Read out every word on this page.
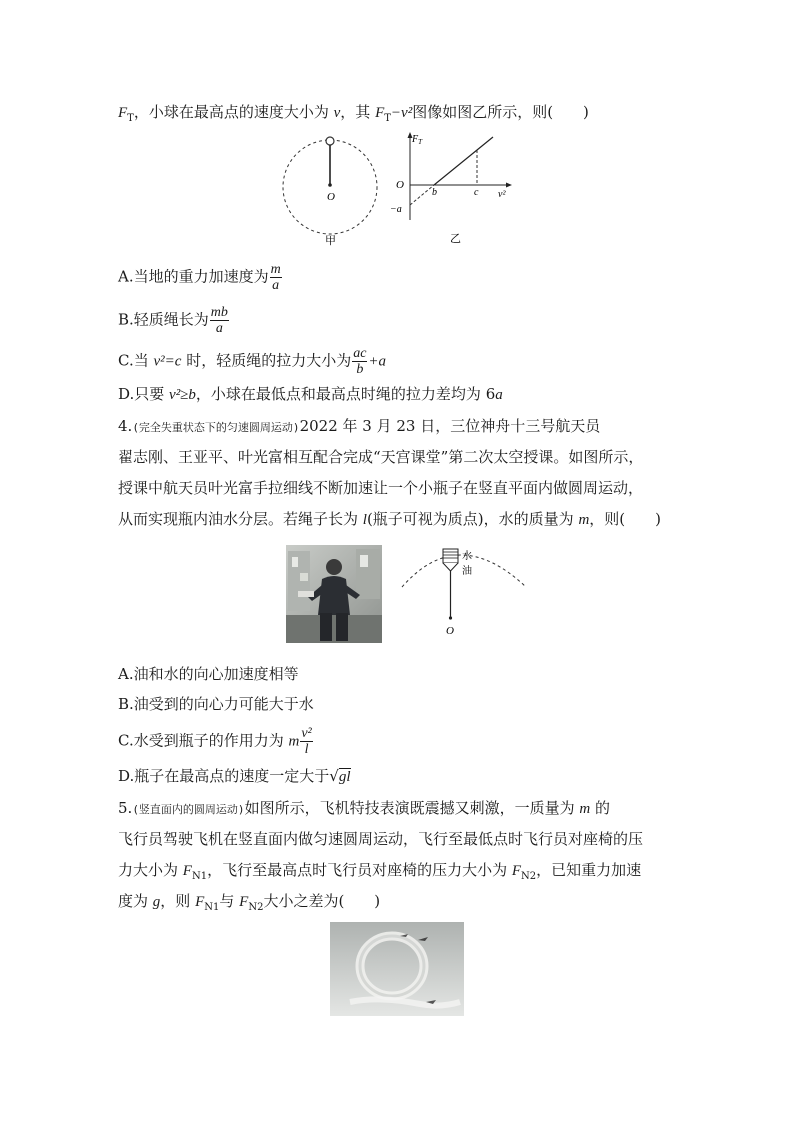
$F_T$，小球在最高点的速度大小为 v，其 $F_T-v^2$图像如图乙所示，则(　　)
O
甲
$F_T$
O
b	c v²
−a
乙
A.当地的重力加速度为 $\frac{m}{a}$
B.轻质绳长为 $\frac{mb}{a}$
C.当 v²=c 时，轻质绳的拉力大小为 $\frac{ac}{b} +a$
D.只要 v²≥b，小球在最低点和最高点时绳的拉力差均为 6a
4.(完全失重状态下的匀速圆周运动)2022 年 3 月 23 日，三位神舟十三号航天员
翟志刚、王亚平、叶光富相互配合完成“天宫课堂”第二次太空授课。如图所示，
授课中航天员叶光富手拉细线不断加速让一个小瓶子在竖直平面内做圆周运动，
从而实现瓶内油水分层。若绳子长为 l(瓶子可视为质点)，水的质量为 m，则(　　)
水
油
O
A.油和水的向心加速度相等
B.油受到的向心力可能大于水
C.水受到瓶子的作用力为 m $\frac{\text{v²}}{l}$
D.瓶子在最高点的速度一定大于√gl
5.(竖直面内的圆周运动)如图所示，飞机特技表演既震撼又刺激，一质量为 m 的
飞行员驾驶飞机在竖直面内做匀速圆周运动，飞行至最低点时飞行员对座椅的压
力大小为 $F_{N1}$，飞行至最高点时飞行员对座椅的压力大小为 $F_{N2}$，已知重力加速
度为 g，则 $F_{N1}$与 $F_{N2}$大小之差为(　　)
